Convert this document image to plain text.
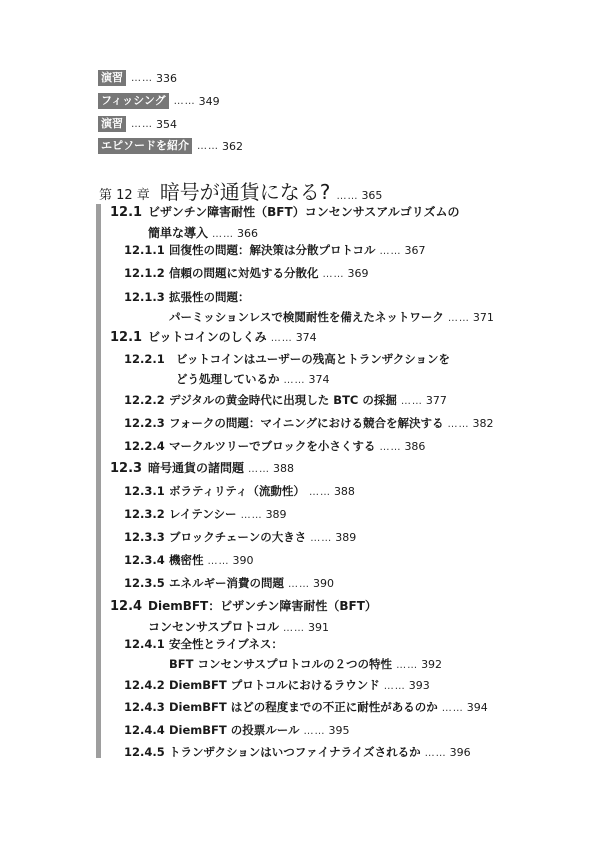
演習 …… 336
フィッシング …… 349
演習 …… 354
エピソードを紹介 …… 362
第 12 章 暗号が通貨になる? …… 365
12.1 ビザンチン障害耐性（BFT）コンセンサスアルゴリズムの
簡単な導入 …… 366
12.1.1 回復性の問題：解決策は分散プロトコル …… 367
12.1.2 信頼の問題に対処する分散化 …… 369
12.1.3 拡張性の問題：
パーミッションレスで検閲耐性を備えたネットワーク …… 371
12.1 ビットコインのしくみ …… 374
12.2.1 ビットコインはユーザーの残高とトランザクションを
どう処理しているか …… 374
12.2.2 デジタルの黄金時代に出現した BTC の採掘 …… 377
12.2.3 フォークの問題：マイニングにおける競合を解決する …… 382
12.2.4 マークルツリーでブロックを小さくする …… 386
12.3 暗号通貨の諸問題 …… 388
12.3.1 ボラティリティ（流動性） …… 388
12.3.2 レイテンシー …… 389
12.3.3 ブロックチェーンの大きさ …… 389
12.3.4 機密性 …… 390
12.3.5 エネルギー消費の問題 …… 390
12.4 DiemBFT：ビザンチン障害耐性（BFT）
コンセンサスプロトコル …… 391
12.4.1 安全性とライブネス：
BFT コンセンサスプロトコルの２つの特性 …… 392
12.4.2 DiemBFT プロトコルにおけるラウンド …… 393
12.4.3 DiemBFT はどの程度までの不正に耐性があるのか …… 394
12.4.4 DiemBFT の投票ルール …… 395
12.4.5 トランザクションはいつファイナライズされるか …… 396
